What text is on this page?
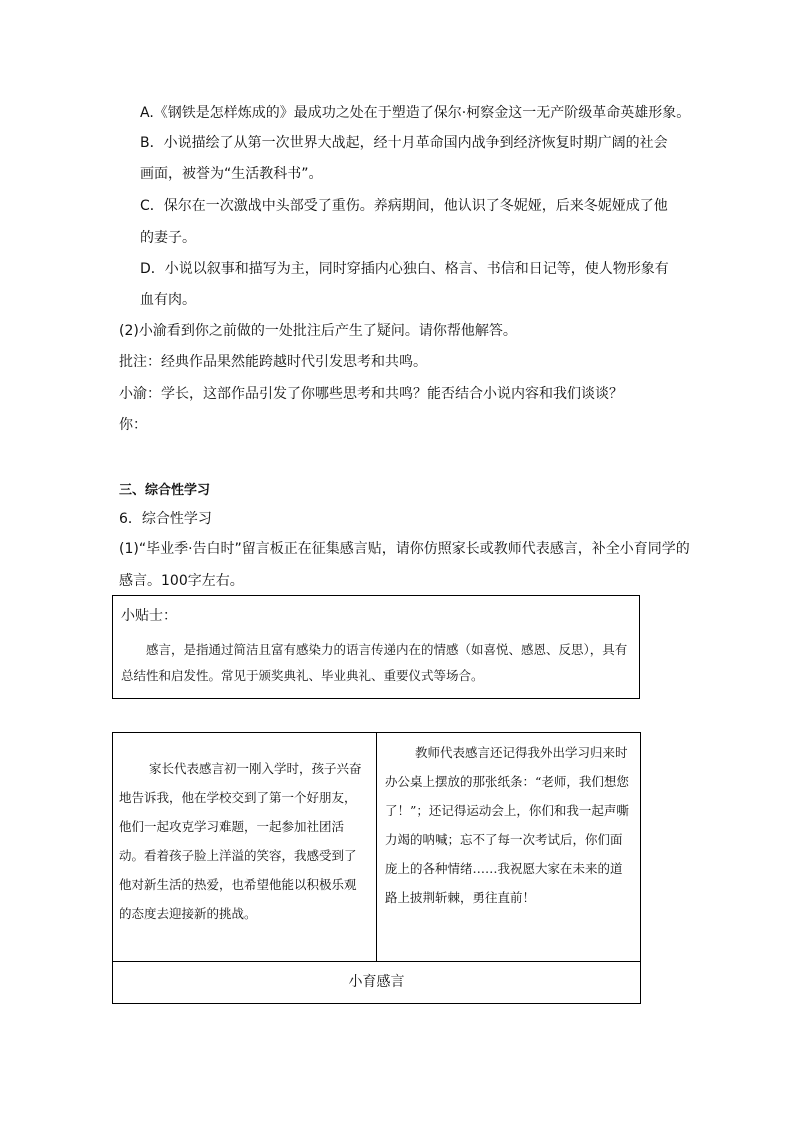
A.《钢铁是怎样炼成的》最成功之处在于塑造了保尔·柯察金这一无产阶级革命英雄形象。
B．小说描绘了从第一次世界大战起，经十月革命国内战争到经济恢复时期广阔的社会
画面，被誉为“生活教科书”。
C．保尔在一次激战中头部受了重伤。养病期间，他认识了冬妮娅，后来冬妮娅成了他
的妻子。
D．小说以叙事和描写为主，同时穿插内心独白、格言、书信和日记等，使人物形象有
血有肉。
(2)小渝看到你之前做的一处批注后产生了疑问。请你帮他解答。
批注：经典作品果然能跨越时代引发思考和共鸣。
小渝：学长，这部作品引发了你哪些思考和共鸣？能否结合小说内容和我们谈谈？
你：
三、综合性学习
6．综合性学习
(1)“毕业季·告白时”留言板正在征集感言贴，请你仿照家长或教师代表感言，补全小育同学的
感言。100字左右。
小贴士：
感言，是指通过简洁且富有感染力的语言传递内在的情感（如喜悦、感恩、反思），具有总结性和启发性。常见于颁奖典礼、毕业典礼、重要仪式等场合。

家长代表感言初一刚入学时，孩子兴奋地告诉我，他在学校交到了第一个好朋友，他们一起攻克学习难题，一起参加社团活动。看着孩子脸上洋溢的笑容，我感受到了他对新生活的热爱，也希望他能以积极乐观的态度去迎接新的挑战。

教师代表感言还记得我外出学习归来时办公桌上摆放的那张纸条：“老师，我们想您了！”；还记得运动会上，你们和我一起声嘶力竭的呐喊；忘不了每一次考试后，你们面庞上的各种情绪……我祝愿大家在未来的道路上披荆斩棘，勇往直前！

小育感言
